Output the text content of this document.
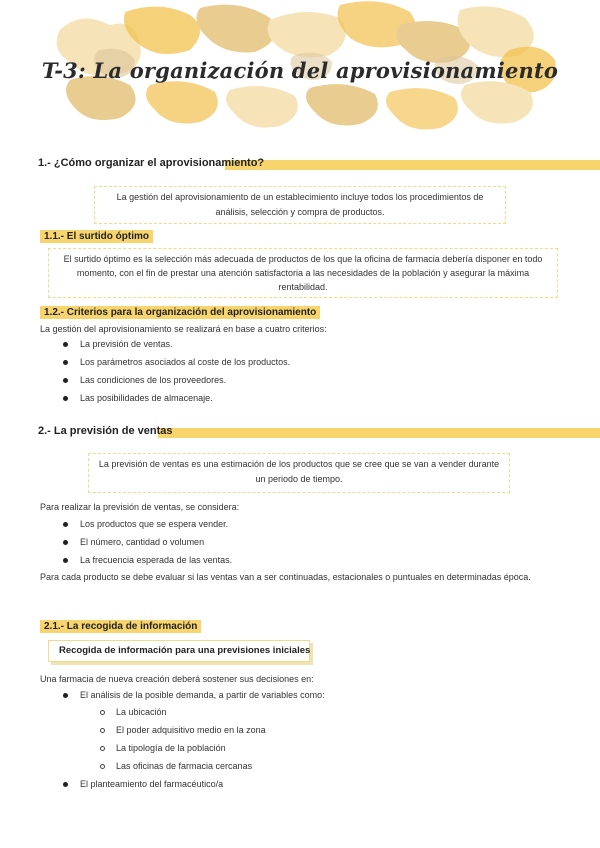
T-3: La organización del aprovisionamiento
1.- ¿Cómo organizar el aprovisionamiento?
La gestión del aprovisionamiento de un establecimiento incluye todos los procedimientos de análisis, selección y compra de productos.
1.1.- El surtido óptimo
El surtido óptimo es la selección más adecuada de productos de los que la oficina de farmacia debería disponer en todo momento, con el fin de prestar una atención satisfactoria a las necesidades de la población y asegurar la máxima rentabilidad.
1.2.- Criterios para la organización del aprovisionamiento
La gestión del aprovisionamiento se realizará en base a cuatro criterios:
La previsión de ventas.
Los parámetros asociados al coste de los productos.
Las condiciones de los proveedores.
Las posibilidades de almacenaje.
2.- La previsión de ventas
La previsión de ventas es una estimación de los productos que se cree que se van a vender durante un periodo de tiempo.
Para realizar la previsión de ventas, se considera:
Los productos que se espera vender.
El número, cantidad o volumen
La frecuencia esperada de las ventas.
Para cada producto se debe evaluar si las ventas van a ser continuadas, estacionales o puntuales en determinadas época.
2.1.- La recogida de información
Recogida de información para una previsiones iniciales
Una farmacia de nueva creación deberá sostener sus decisiones en:
El análisis de la posible demanda, a partir de variables como:
La ubicación
El poder adquisitivo medio en la zona
La tipología de la población
Las oficinas de farmacia cercanas
El planteamiento del farmacéutico/a
